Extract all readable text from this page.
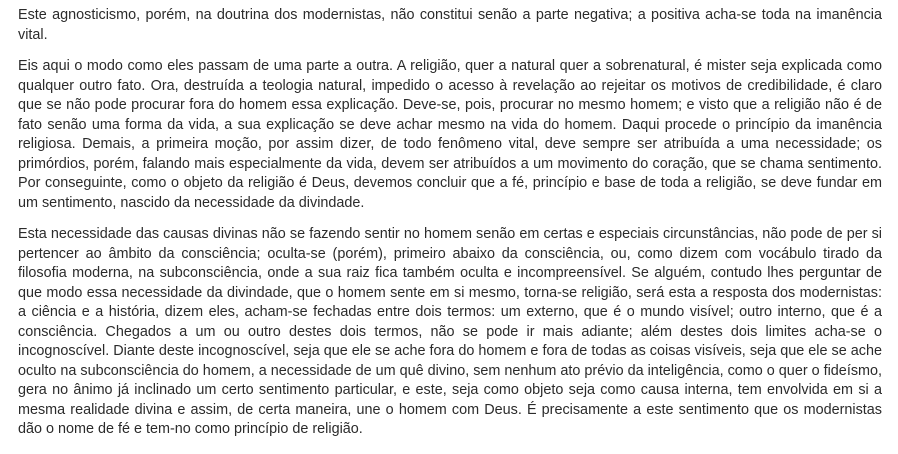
Este agnosticismo, porém, na doutrina dos modernistas, não constitui senão a parte negativa; a positiva acha-se toda na imanência vital.

Eis aqui o modo como eles passam de uma parte a outra. A religião, quer a natural quer a sobrenatural, é mister seja explicada como qualquer outro fato. Ora, destruída a teologia natural, impedido o acesso à revelação ao rejeitar os motivos de credibilidade, é claro que se não pode procurar fora do homem essa explicação. Deve-se, pois, procurar no mesmo homem; e visto que a religião não é de fato senão uma forma da vida, a sua explicação se deve achar mesmo na vida do homem. Daqui procede o princípio da imanência religiosa. Demais, a primeira moção, por assim dizer, de todo fenômeno vital, deve sempre ser atribuída a uma necessidade; os primórdios, porém, falando mais especialmente da vida, devem ser atribuídos a um movimento do coração, que se chama sentimento. Por conseguinte, como o objeto da religião é Deus, devemos concluir que a fé, princípio e base de toda a religião, se deve fundar em um sentimento, nascido da necessidade da divindade.

Esta necessidade das causas divinas não se fazendo sentir no homem senão em certas e especiais circunstâncias, não pode de per si pertencer ao âmbito da consciência; oculta-se (porém), primeiro abaixo da consciência, ou, como dizem com vocábulo tirado da filosofia moderna, na subconsciência, onde a sua raiz fica também oculta e incompreensível. Se alguém, contudo lhes perguntar de que modo essa necessidade da divindade, que o homem sente em si mesmo, torna-se religião, será esta a resposta dos modernistas: a ciência e a história, dizem eles, acham-se fechadas entre dois termos: um externo, que é o mundo visível; outro interno, que é a consciência. Chegados a um ou outro destes dois termos, não se pode ir mais adiante; além destes dois limites acha-se o incognoscível. Diante deste incognoscível, seja que ele se ache fora do homem e fora de todas as coisas visíveis, seja que ele se ache oculto na subconsciência do homem, a necessidade de um quê divino, sem nenhum ato prévio da inteligência, como o quer o fideísmo, gera no ânimo já inclinado um certo sentimento particular, e este, seja como objeto seja como causa interna, tem envolvida em si a mesma realidade divina e assim, de certa maneira, une o homem com Deus. É precisamente a este sentimento que os modernistas dão o nome de fé e tem-no como princípio de religião.
